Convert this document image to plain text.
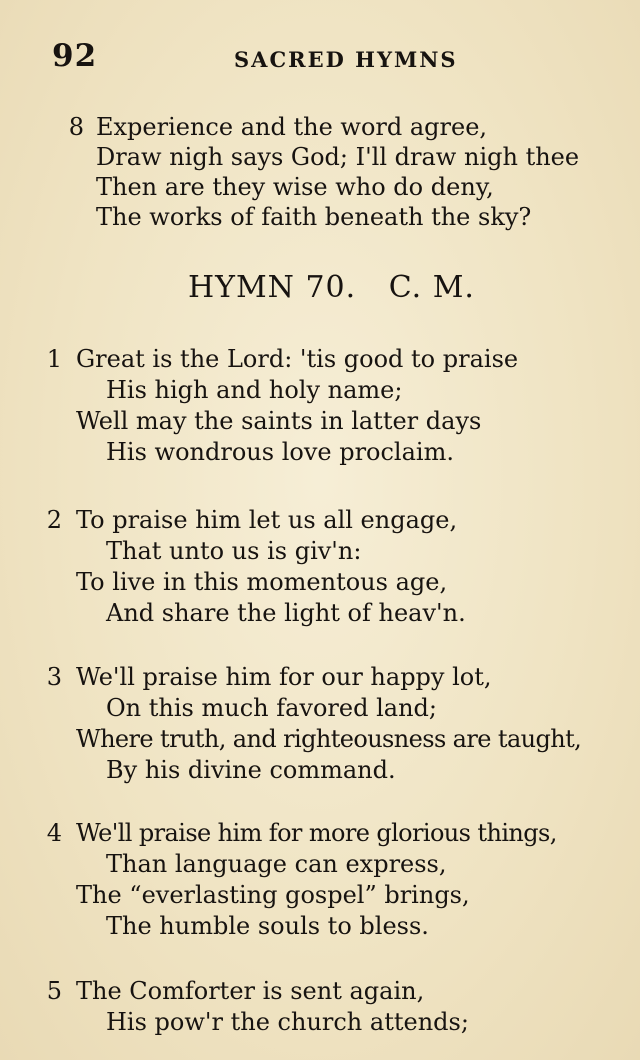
92	SACRED HYMNS
8 Experience and the word agree,
Draw nigh says God; I'll draw nigh thee
Then are they wise who do deny,
The works of faith beneath the sky?
HYMN 70. C. M.
1 Great is the Lord: 'tis good to praise
His high and holy name;
Well may the saints in latter days
His wondrous love proclaim.
2 To praise him let us all engage,
That unto us is giv'n:
To live in this momentous age,
And share the light of heav'n.
3 We'll praise him for our happy lot,
On this much favored land;
Where truth, and righteousness are taught,
By his divine command.
4 We'll praise him for more glorious things,
Than language can express,
The “everlasting gospel” brings,
The humble souls to bless.
5 The Comforter is sent again,
His pow'r the church attends;
